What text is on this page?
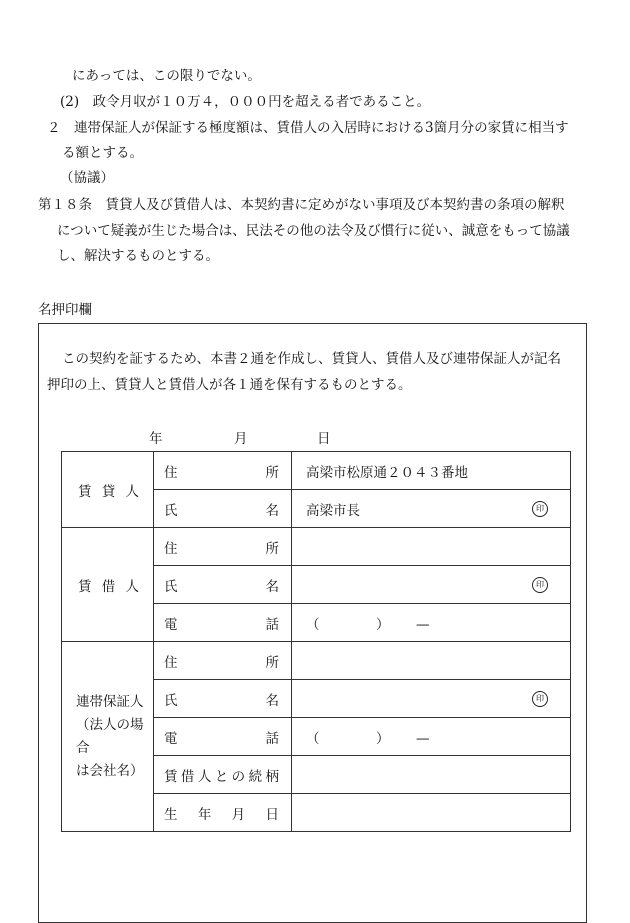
にあっては、この限りでない。
(2)　政令月収が１０万４，０００円を超える者であること。
２　連帯保証人が保証する極度額は、賃借人の入居時における3箇月分の家賃に相当す
る額とする。
（協議）
第１８条　賃貸人及び賃借人は、本契約書に定めがない事項及び本契約書の条項の解釈
について疑義が生じた場合は、民法その他の法令及び慣行に従い、誠意をもって協議
し、解決するものとする。
名押印欄
この契約を証するため、本書２通を作成し、賃貸人、賃借人及び連帯保証人が記名
押印の上、賃貸人と賃借人が各１通を保有するものとする。
年	月	日
賃貸人	住所	高梁市松原通２０４３番地

	氏名	高梁市長 印

賃借人	住所	

	氏名	印

	電話	（ ） —

連帯保証人
（法人の場合
は会社名）	住所	

	氏名	印

	電話	（ ） —

	賃借人との続柄	

	生年月日	
